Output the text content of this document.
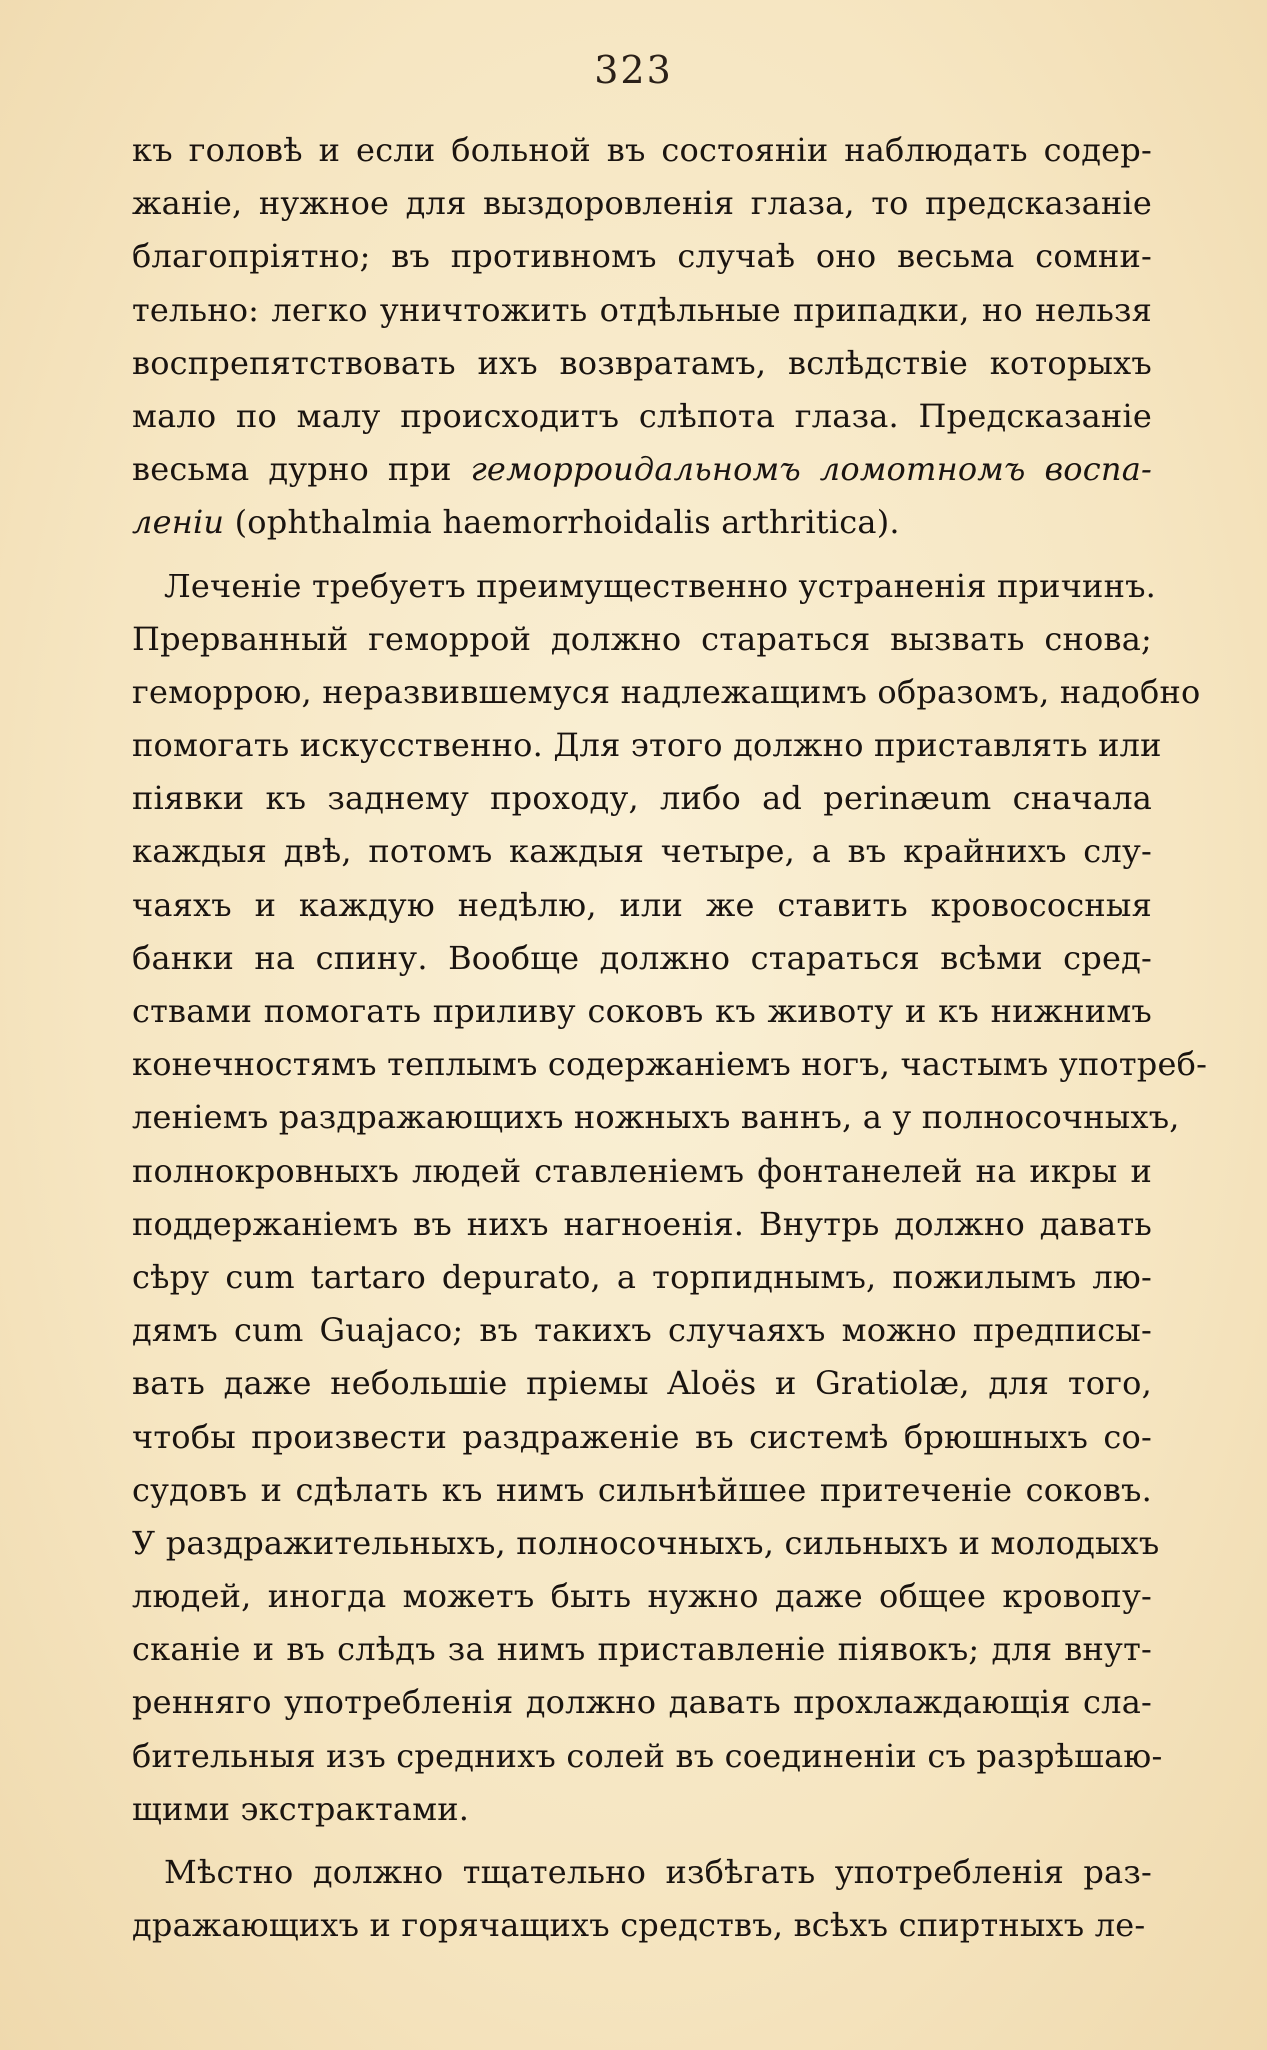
323
къ головѣ и если больной въ состояніи наблюдать содер-
жаніе, нужное для выздоровленія глаза, то предсказаніе
благопріятно; въ противномъ случаѣ оно весьма сомни-
тельно: легко уничтожить отдѣльные припадки, но нельзя
воспрепятствовать ихъ возвратамъ, вслѣдствіе которыхъ
мало по малу происходитъ слѣпота глаза. Предсказаніе
весьма дурно при геморроидальномъ ломотномъ воспа-
леніи (ophthalmia haemorrhoidalis arthritica).
Леченіе требуетъ преимущественно устраненія причинъ.
Прерванный геморрой должно стараться вызвать снова;
геморрою, неразвившемуся надлежащимъ образомъ, надобно
помогать искусственно. Для этого должно приставлять или
піявки къ заднему проходу, либо ad perinæum сначала
каждыя двѣ, потомъ каждыя четыре, а въ крайнихъ слу-
чаяхъ и каждую недѣлю, или же ставить кровососныя
банки на спину. Вообще должно стараться всѣми сред-
ствами помогать приливу соковъ къ животу и къ нижнимъ
конечностямъ теплымъ содержаніемъ ногъ, частымъ употреб-
леніемъ раздражающихъ ножныхъ ваннъ, а у полносочныхъ,
полнокровныхъ людей ставленіемъ фонтанелей на икры и
поддержаніемъ въ нихъ нагноенія. Внутрь должно давать
сѣру cum tartaro depurato, а торпиднымъ, пожилымъ лю-
дямъ cum Guajaco; въ такихъ случаяхъ можно предписы-
вать даже небольшіе пріемы Aloës и Gratiolæ, для того,
чтобы произвести раздраженіе въ системѣ брюшныхъ со-
судовъ и сдѣлать къ нимъ сильнѣйшее притеченіе соковъ.
У раздражительныхъ, полносочныхъ, сильныхъ и молодыхъ
людей, иногда можетъ быть нужно даже общее кровопу-
сканіе и въ слѣдъ за нимъ приставленіе піявокъ; для внут-
ренняго употребленія должно давать прохлаждающія сла-
бительныя изъ среднихъ солей въ соединеніи съ разрѣшаю-
щими экстрактами.
Мѣстно должно тщательно избѣгать употребленія раз-
дражающихъ и горячащихъ средствъ, всѣхъ спиртныхъ ле-
